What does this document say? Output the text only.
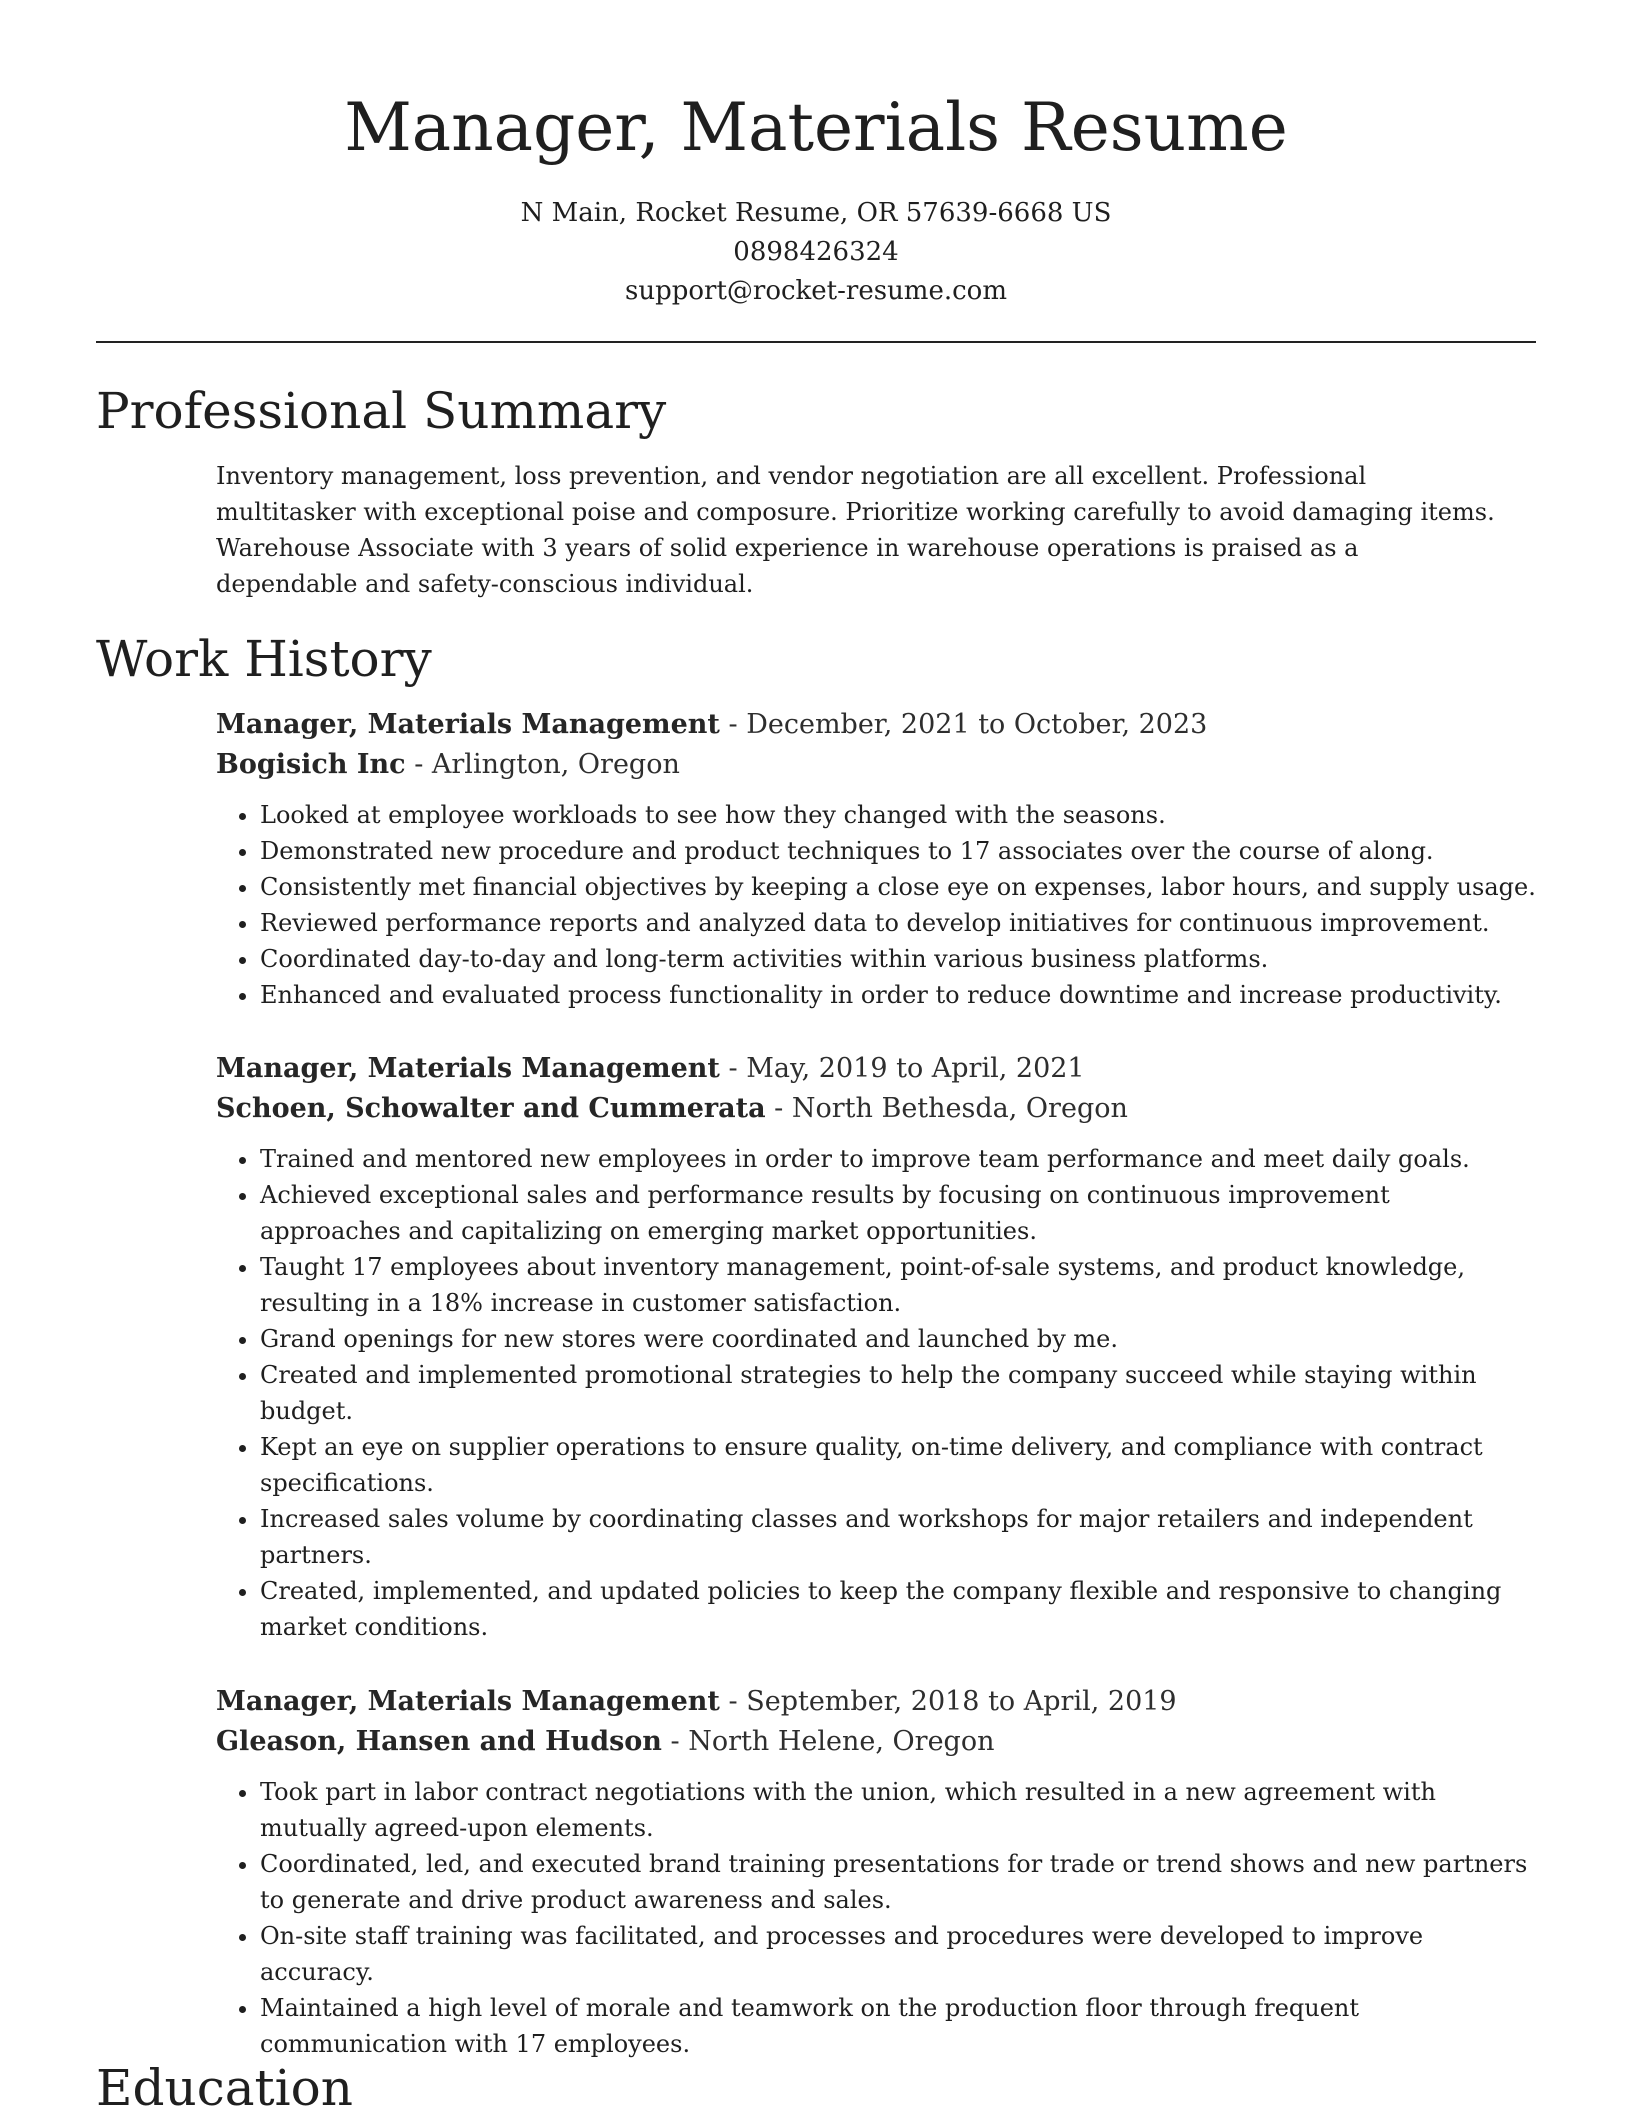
Manager, Materials Resume
N Main, Rocket Resume, OR 57639-6668 US
0898426324
support@rocket-resume.com
Professional Summary

Inventory management, loss prevention, and vendor negotiation are all excellent. Professional multitasker with exceptional poise and composure. Prioritize working carefully to avoid damaging items. Warehouse Associate with 3 years of solid experience in warehouse operations is praised as a dependable and safety-conscious individual.

Work History
Manager, Materials Management - December, 2021 to October, 2023
Bogisich Inc - Arlington, Oregon
• Looked at employee workloads to see how they changed with the seasons.
• Demonstrated new procedure and product techniques to 17 associates over the course of along.
• Consistently met financial objectives by keeping a close eye on expenses, labor hours, and supply usage.
• Reviewed performance reports and analyzed data to develop initiatives for continuous improvement.
• Coordinated day-to-day and long-term activities within various business platforms.
• Enhanced and evaluated process functionality in order to reduce downtime and increase productivity.
Manager, Materials Management - May, 2019 to April, 2021
Schoen, Schowalter and Cummerata - North Bethesda, Oregon
• Trained and mentored new employees in order to improve team performance and meet daily goals.
• Achieved exceptional sales and performance results by focusing on continuous improvement approaches and capitalizing on emerging market opportunities.
• Taught 17 employees about inventory management, point-of-sale systems, and product knowledge, resulting in a 18% increase in customer satisfaction.
• Grand openings for new stores were coordinated and launched by me.
• Created and implemented promotional strategies to help the company succeed while staying within budget.
• Kept an eye on supplier operations to ensure quality, on-time delivery, and compliance with contract specifications.
• Increased sales volume by coordinating classes and workshops for major retailers and independent partners.
• Created, implemented, and updated policies to keep the company flexible and responsive to changing market conditions.
Manager, Materials Management - September, 2018 to April, 2019
Gleason, Hansen and Hudson - North Helene, Oregon
• Took part in labor contract negotiations with the union, which resulted in a new agreement with mutually agreed-upon elements.
• Coordinated, led, and executed brand training presentations for trade or trend shows and new partners to generate and drive product awareness and sales.
• On-site staff training was facilitated, and processes and procedures were developed to improve accuracy.
• Maintained a high level of morale and teamwork on the production floor through frequent communication with 17 employees.
Education
